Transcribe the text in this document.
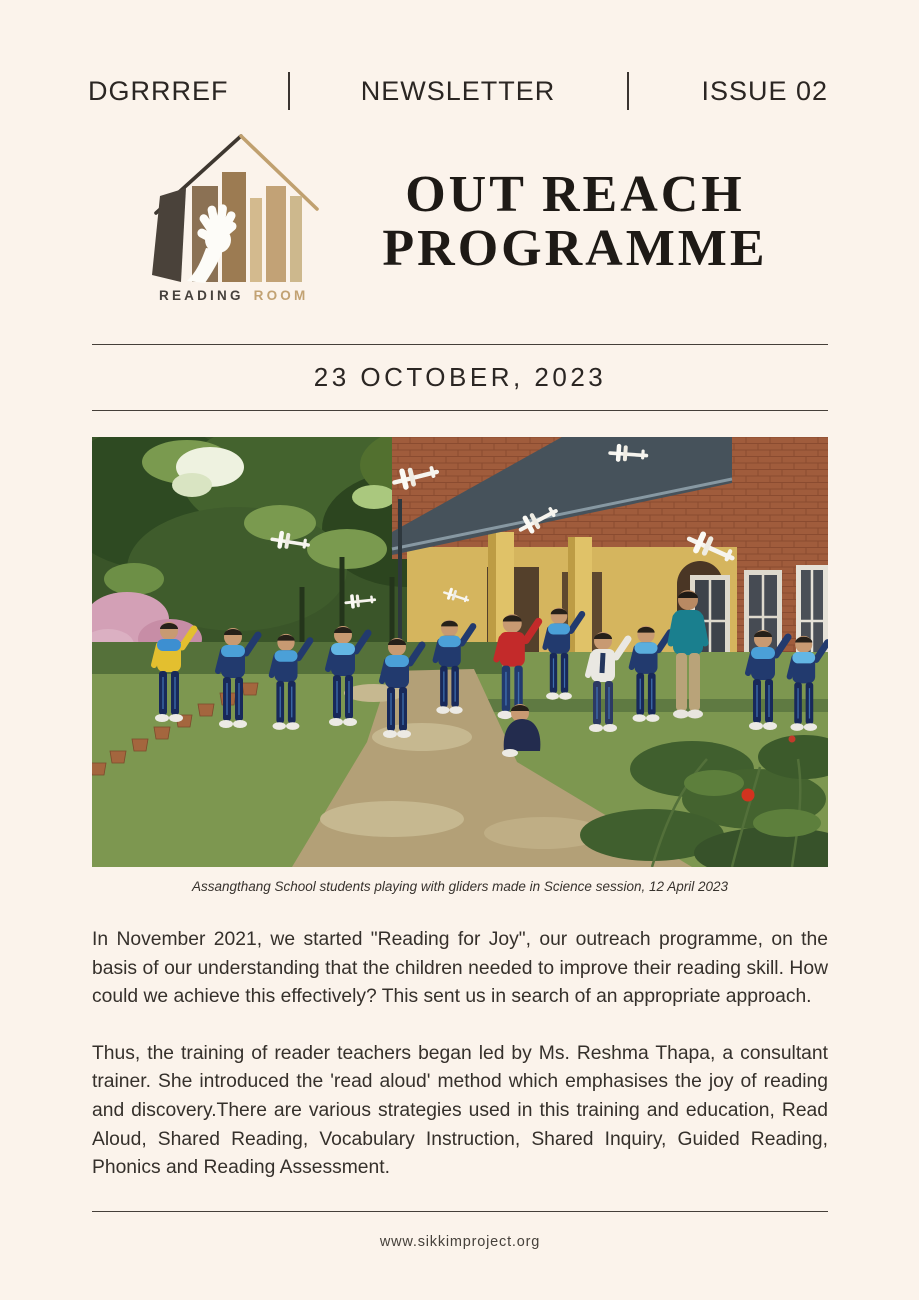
DGRRREF	NEWSLETTER	ISSUE 02
READING ROOM
OUT REACH
PROGRAMME
23 OCTOBER, 2023
Assangthang School students playing with gliders made in Science session, 12 April 2023

In November 2021, we started "Reading for Joy", our outreach programme, on the basis of our understanding that the children needed to improve their reading skill. How could we achieve this effectively? This sent us in search of an appropriate approach.

Thus, the training of reader teachers began led by Ms. Reshma Thapa, a consultant trainer. She introduced the 'read aloud' method which emphasises the joy of reading and discovery.There are various strategies used in this training and education, Read Aloud, Shared Reading, Vocabulary Instruction, Shared Inquiry, Guided Reading, Phonics and Reading Assessment.

www.sikkimproject.org
